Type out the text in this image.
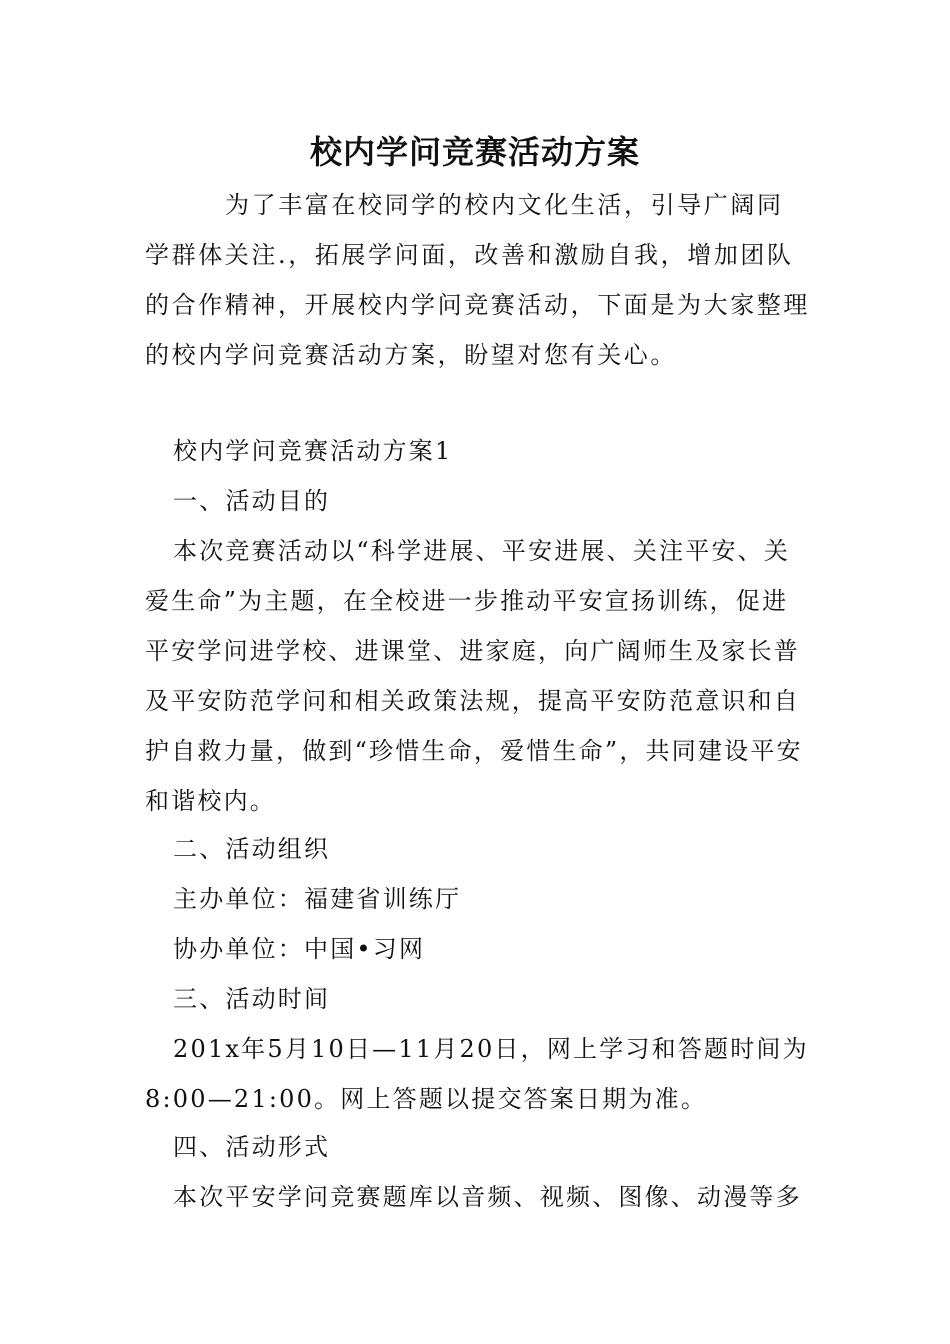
校内学问竞赛活动方案

为了丰富在校同学的校内文化生活，引导广阔同学群体关注.，拓展学问面，改善和激励自我，增加团队的合作精神，开展校内学问竞赛活动，下面是为大家整理的校内学问竞赛活动方案，盼望对您有关心。

校内学问竞赛活动方案1

一、活动目的

本次竞赛活动以“科学进展、平安进展、关注平安、关爱生命”为主题，在全校进一步推动平安宣扬训练，促进平安学问进学校、进课堂、进家庭，向广阔师生及家长普及平安防范学问和相关政策法规，提高平安防范意识和自护自救力量，做到“珍惜生命，爱惜生命”，共同建设平安和谐校内。

二、活动组织

主办单位：福建省训练厅

协办单位：中国•习网

三、活动时间

201x年5月10日—11月20日，网上学习和答题时间为8:00—21:00。网上答题以提交答案日期为准。

四、活动形式

本次平安学问竞赛题库以音频、视频、图像、动漫等多
